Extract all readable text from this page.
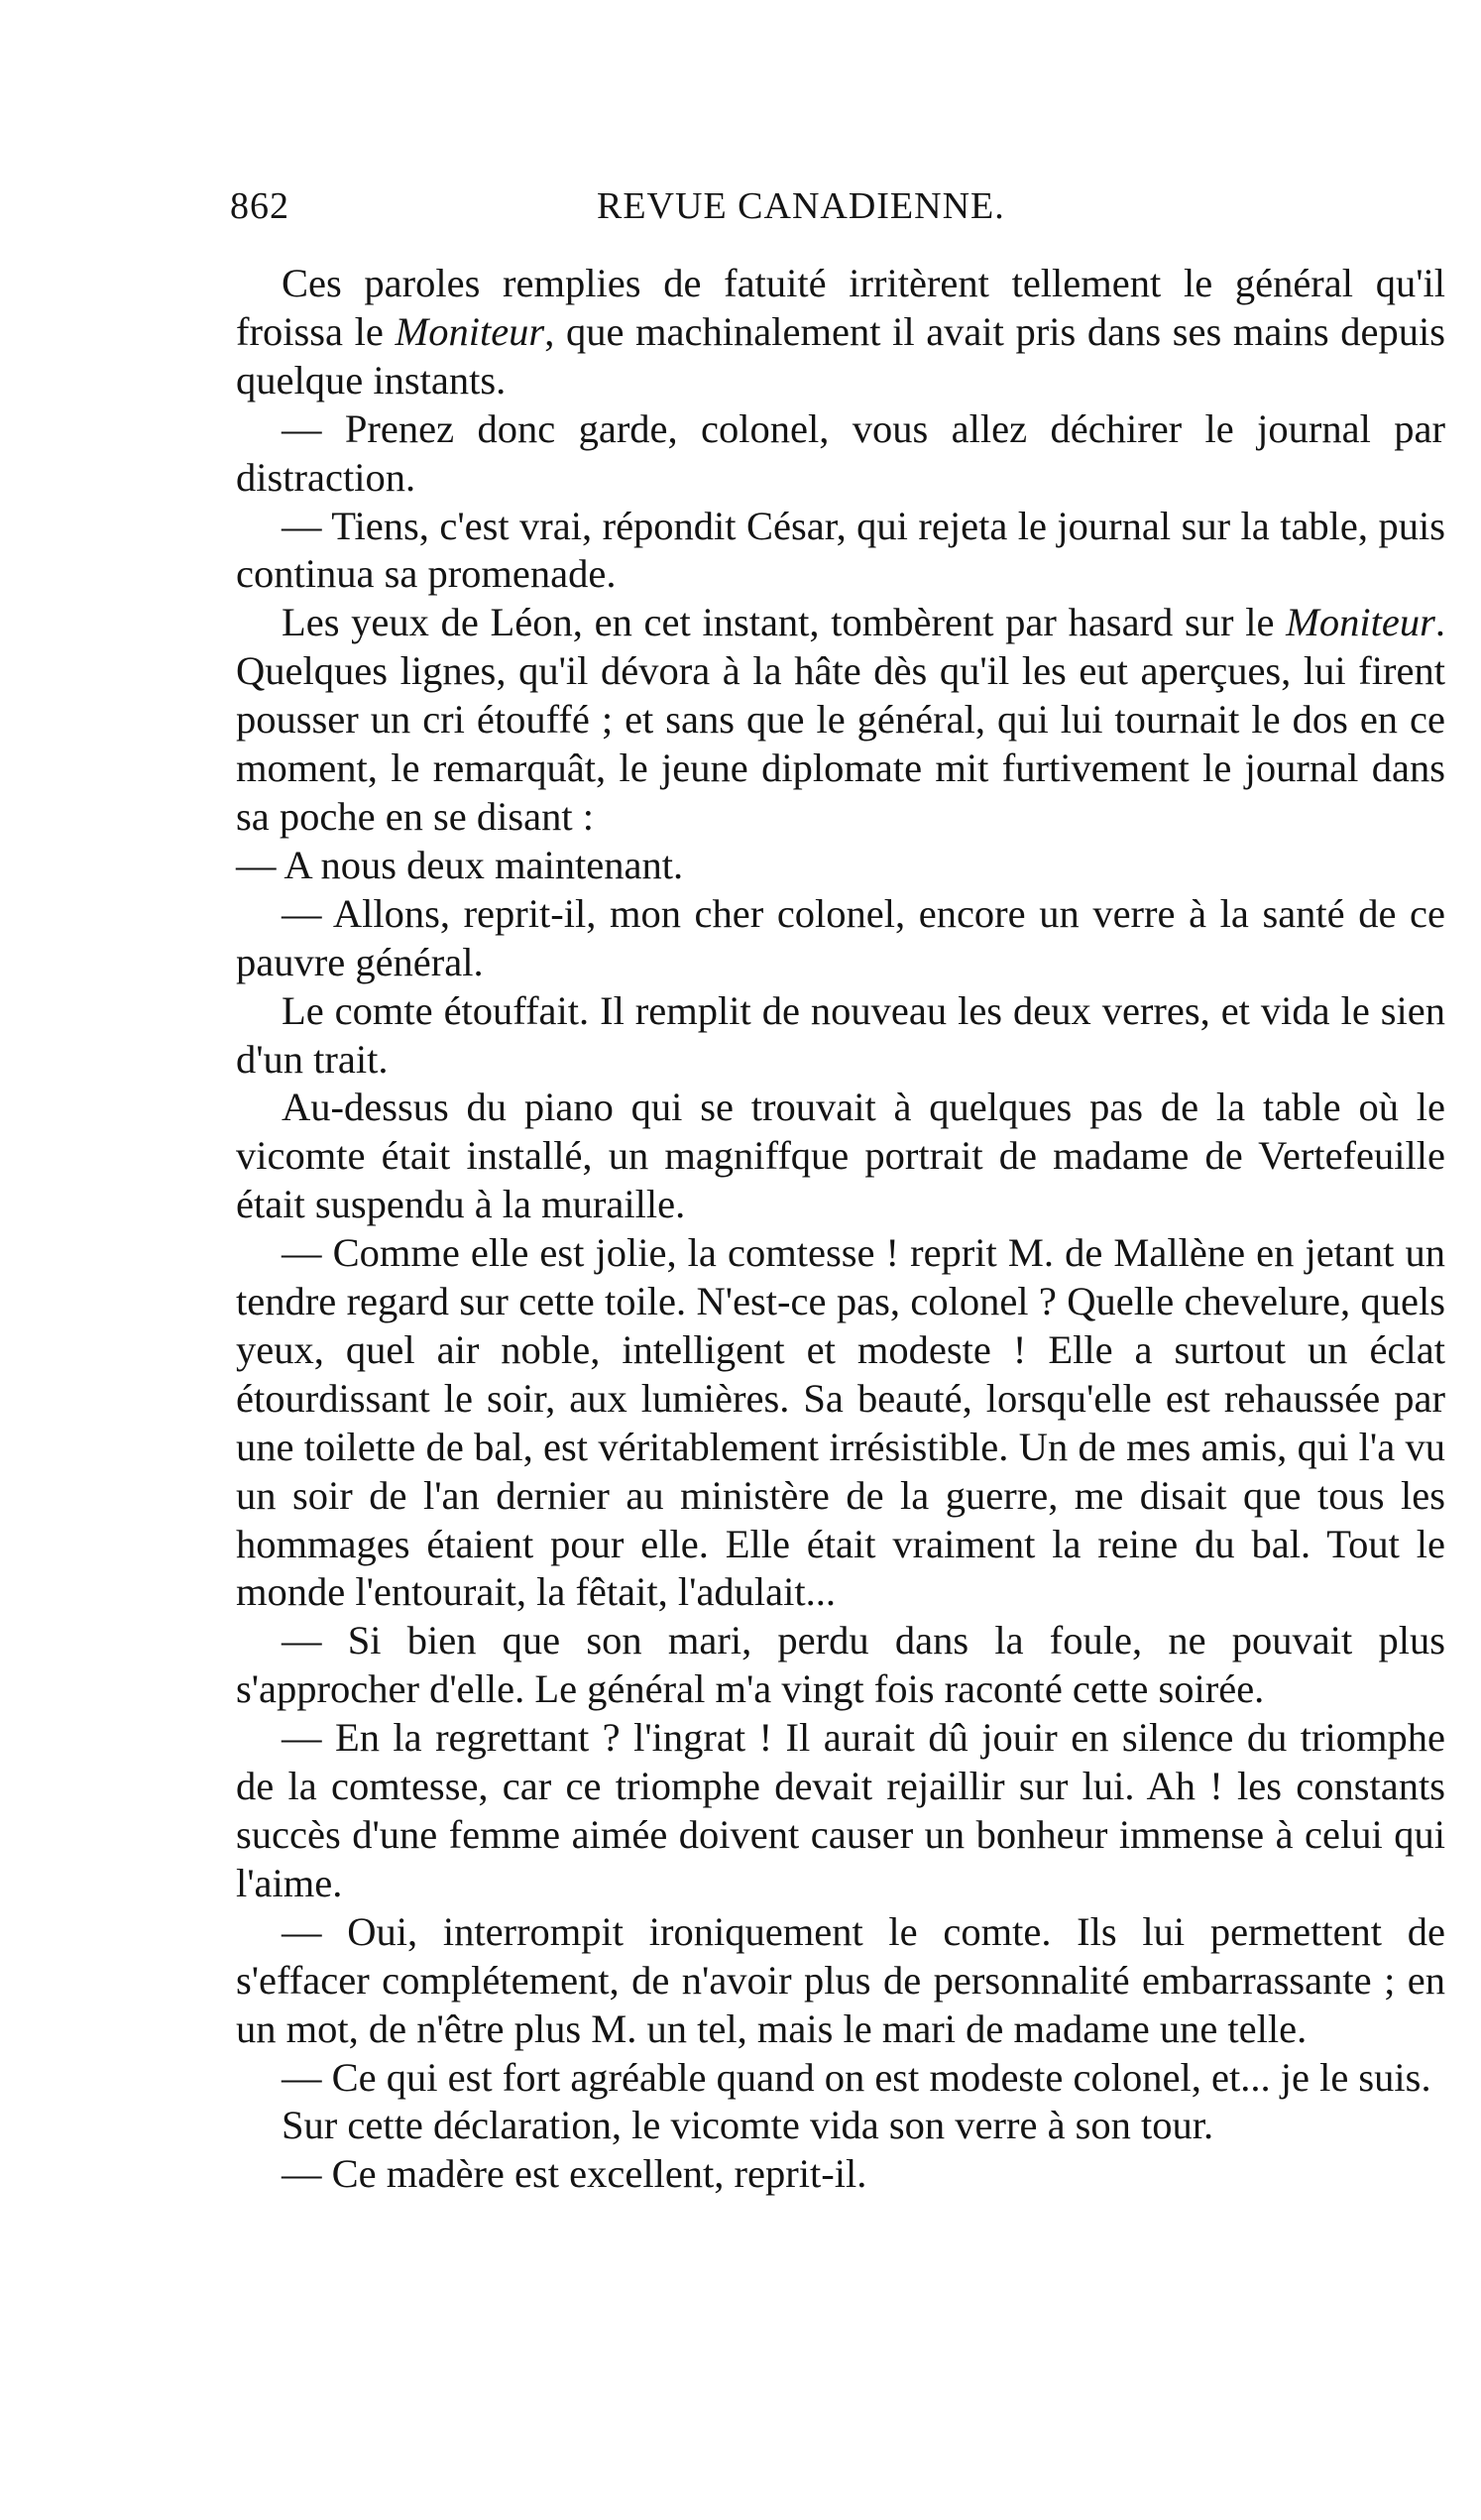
862	REVUE CANADIENNE.

Ces paroles remplies de fatuité irritèrent tellement le général qu'il froissa le Moniteur, que machinalement il avait pris dans ses mains depuis quelque instants.

— Prenez donc garde, colonel, vous allez déchirer le journal par distraction.

— Tiens, c'est vrai, répondit César, qui rejeta le journal sur la table, puis continua sa promenade.

Les yeux de Léon, en cet instant, tombèrent par hasard sur le Moniteur. Quelques lignes, qu'il dévora à la hâte dès qu'il les eut aperçues, lui firent pousser un cri étouffé ; et sans que le général, qui lui tournait le dos en ce moment, le remarquât, le jeune diplomate mit furtivement le journal dans sa poche en se disant :

— A nous deux maintenant.

— Allons, reprit-il, mon cher colonel, encore un verre à la santé de ce pauvre général.

Le comte étouffait. Il remplit de nouveau les deux verres, et vida le sien d'un trait.

Au-dessus du piano qui se trouvait à quelques pas de la table où le vicomte était installé, un magniffque portrait de madame de Vertefeuille était suspendu à la muraille.

— Comme elle est jolie, la comtesse ! reprit M. de Mallène en jetant un tendre regard sur cette toile. N'est-ce pas, colonel ? Quelle chevelure, quels yeux, quel air noble, intelligent et modeste ! Elle a surtout un éclat étourdissant le soir, aux lumières. Sa beauté, lorsqu'elle est rehaussée par une toilette de bal, est véritablement irrésistible. Un de mes amis, qui l'a vu un soir de l'an dernier au ministère de la guerre, me disait que tous les hommages étaient pour elle. Elle était vraiment la reine du bal. Tout le monde l'entourait, la fêtait, l'adulait...

— Si bien que son mari, perdu dans la foule, ne pouvait plus s'approcher d'elle. Le général m'a vingt fois raconté cette soirée.

— En la regrettant ? l'ingrat ! Il aurait dû jouir en silence du triomphe de la comtesse, car ce triomphe devait rejaillir sur lui. Ah ! les constants succès d'une femme aimée doivent causer un bonheur immense à celui qui l'aime.

— Oui, interrompit ironiquement le comte. Ils lui permettent de s'effacer complétement, de n'avoir plus de personnalité embarrassante ; en un mot, de n'être plus M. un tel, mais le mari de madame une telle.

— Ce qui est fort agréable quand on est modeste colonel, et... je le suis.

Sur cette déclaration, le vicomte vida son verre à son tour.

— Ce madère est excellent, reprit-il.
